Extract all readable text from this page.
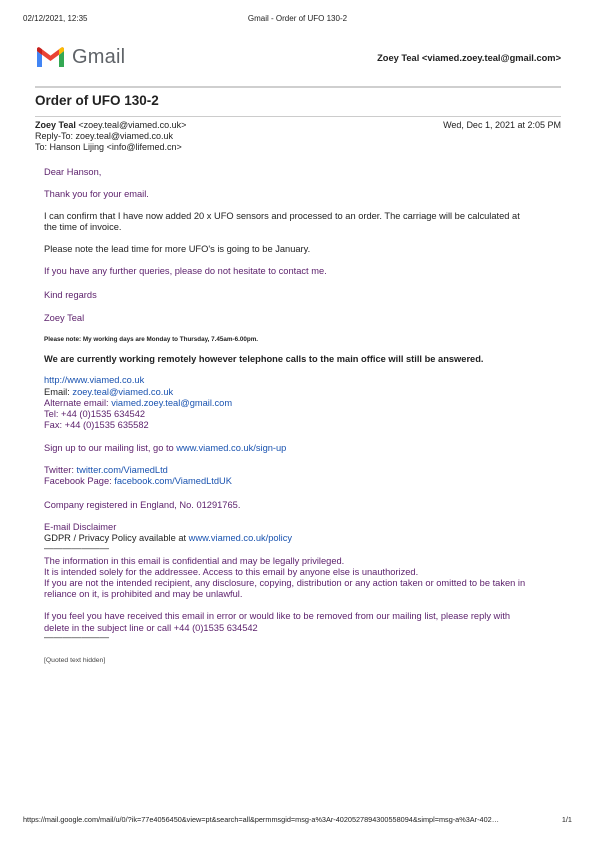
02/12/2021, 12:35	Gmail - Order of UFO 130-2
Gmail	Zoey Teal <viamed.zoey.teal@gmail.com>
Order of UFO 130-2
Zoey Teal <zoey.teal@viamed.co.uk>	Wed, Dec 1, 2021 at 2:05 PM
Reply-To: zoey.teal@viamed.co.uk
To: Hanson Lijing <info@lifemed.cn>
Dear Hanson,
Thank you for your email.
I can confirm that I have now added 20 x UFO sensors and processed to an order. The carriage will be calculated at
the time of invoice.
Please note the lead time for more UFO's is going to be January.
If you have any further queries, please do not hesitate to contact me.
Kind regards
Zoey Teal
Please note: My working days are Monday to Thursday, 7.45am-6.00pm.
We are currently working remotely however telephone calls to the main office will still be answered.
http://www.viamed.co.uk
Email: zoey.teal@viamed.co.uk
Alternate email: viamed.zoey.teal@gmail.com
Tel: +44 (0)1535 634542
Fax: +44 (0)1535 635582
Sign up to our mailing list, go to www.viamed.co.uk/sign-up
Twitter: twitter.com/ViamedLtd
Facebook Page: facebook.com/ViamedLtdUK
Company registered in England, No. 01291765.
E-mail Disclaimer
GDPR / Privacy Policy available at www.viamed.co.uk/policy
———————
The information in this email is confidential and may be legally privileged.
It is intended solely for the addressee. Access to this email by anyone else is unauthorized.
If you are not the intended recipient, any disclosure, copying, distribution or any action taken or omitted to be taken in
reliance on it, is prohibited and may be unlawful.
If you feel you have received this email in error or would like to be removed from our mailing list, please reply with
delete in the subject line or call +44 (0)1535 634542
———————
[Quoted text hidden]
https://mail.google.com/mail/u/0/?ik=77e4056450&view=pt&search=all&permmsgid=msg-a%3Ar-4020527894300558094&simpl=msg-a%3Ar-402…	1/1
